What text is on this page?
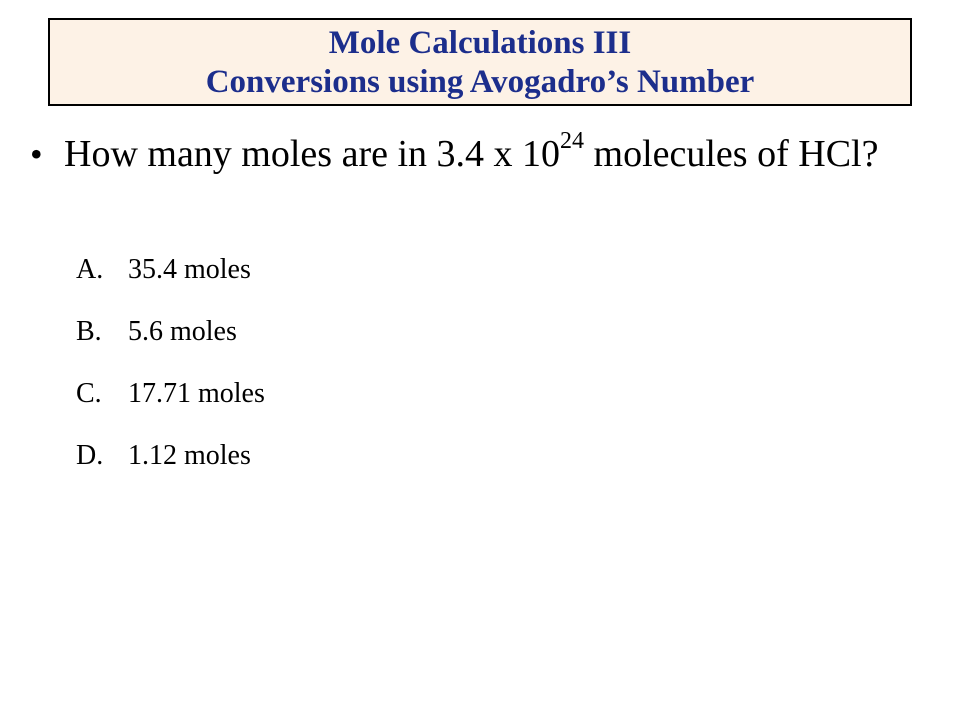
Mole Calculations III
Conversions using Avogadro’s Number
• How many moles are in 3.4 x $10^{24}$ molecules of HCl?
A. 35.4 moles
B. 5.6 moles
C. 17.71 moles
D. 1.12 moles
